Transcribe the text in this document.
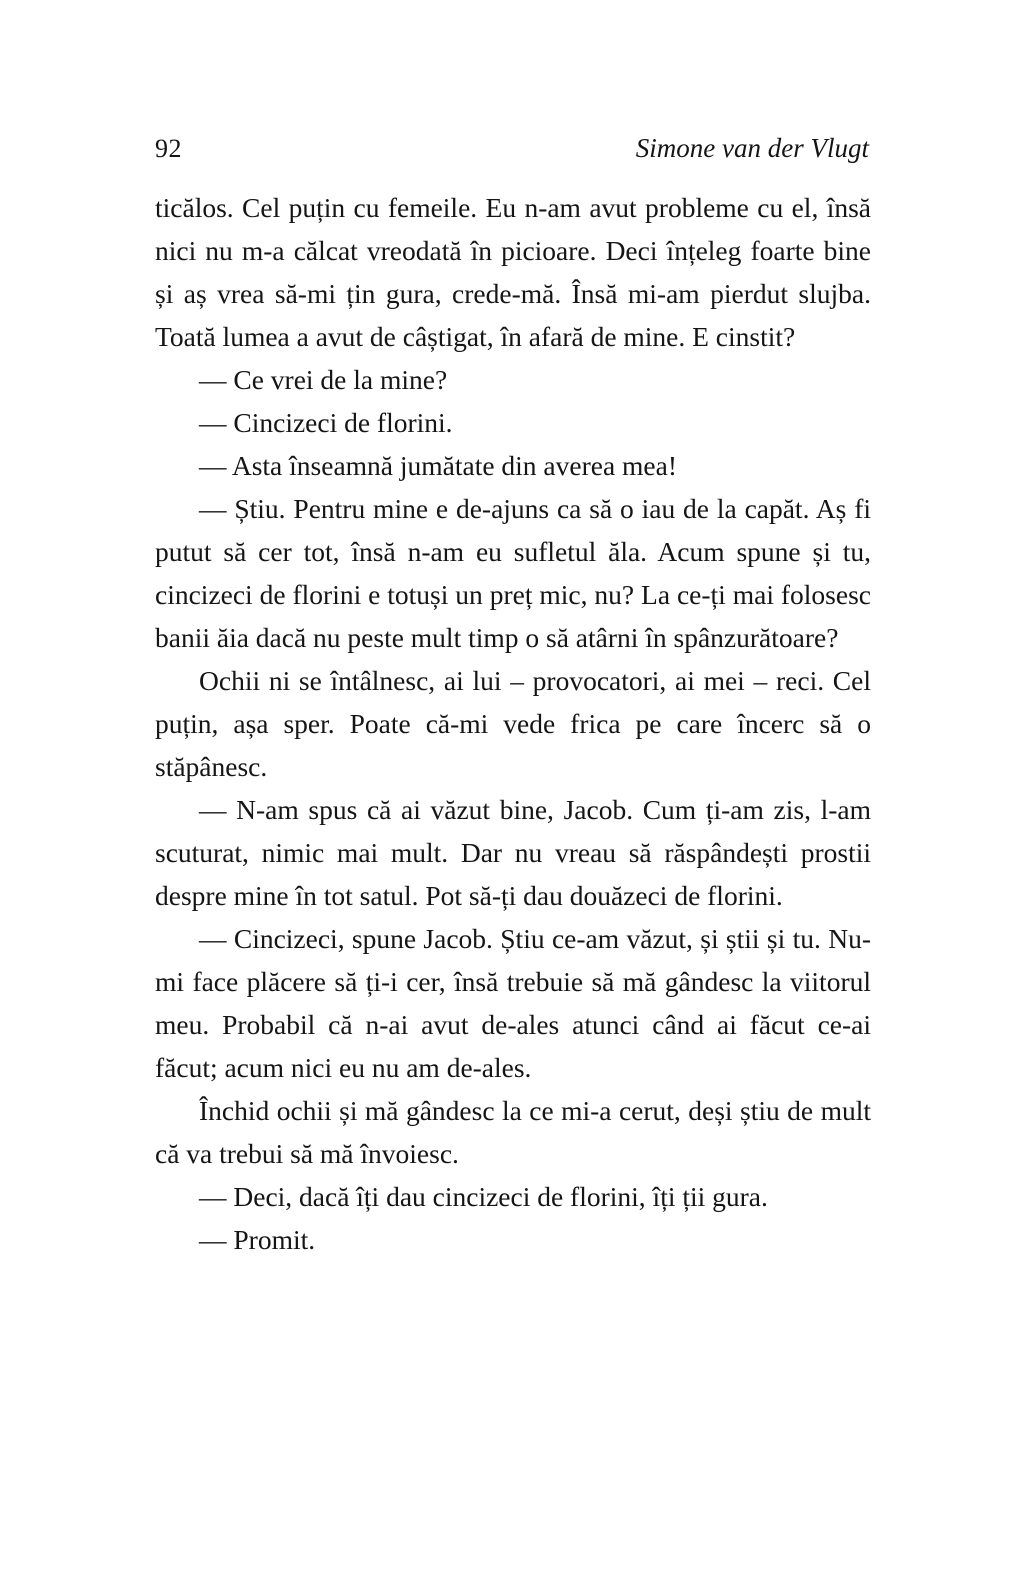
92	Simone van der Vlugt

ticălos. Cel puțin cu femeile. Eu n-am avut probleme cu el, însă nici nu m-a călcat vreodată în picioare. Deci înțeleg foarte bine și aș vrea să-mi țin gura, crede-mă. Însă mi-am pierdut slujba. Toată lumea a avut de câștigat, în afară de mine. E cinstit?

— Ce vrei de la mine?

— Cincizeci de florini.

— Asta înseamnă jumătate din averea mea!

— Știu. Pentru mine e de-ajuns ca să o iau de la capăt. Aș fi putut să cer tot, însă n-am eu sufletul ăla. Acum spune și tu, cincizeci de florini e totuși un preț mic, nu? La ce-ți mai folosesc banii ăia dacă nu peste mult timp o să atârni în spânzurătoare?

Ochii ni se întâlnesc, ai lui – provocatori, ai mei – reci. Cel puțin, așa sper. Poate că-mi vede frica pe care încerc să o stăpânesc.

— N-am spus că ai văzut bine, Jacob. Cum ți-am zis, l-am scuturat, nimic mai mult. Dar nu vreau să răspândești prostii despre mine în tot satul. Pot să-ți dau douăzeci de florini.

— Cincizeci, spune Jacob. Știu ce-am văzut, și știi și tu. Nu-mi face plăcere să ți-i cer, însă trebuie să mă gândesc la viitorul meu. Probabil că n-ai avut de-ales atunci când ai făcut ce-ai făcut; acum nici eu nu am de-ales.

Închid ochii și mă gândesc la ce mi-a cerut, deși știu de mult că va trebui să mă învoiesc.

— Deci, dacă îți dau cincizeci de florini, îți ții gura.

— Promit.
